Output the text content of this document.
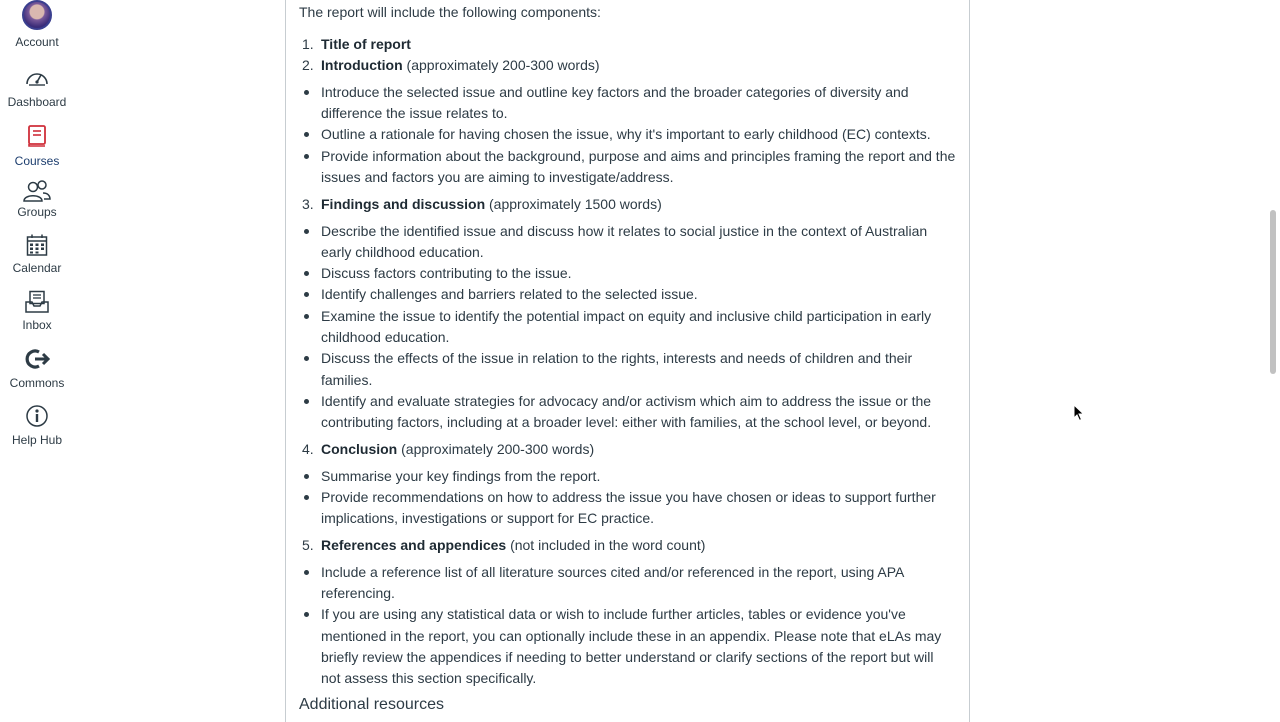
Account
Dashboard
Courses
Groups
Calendar
Inbox
Commons
Help Hub
The report will include the following components:
1. Title of report
2. Introduction (approximately 200-300 words)
Introduce the selected issue and outline key factors and the broader categories of diversity and
difference the issue relates to.
Outline a rationale for having chosen the issue, why it's important to early childhood (EC) contexts.
Provide information about the background, purpose and aims and principles framing the report and the
issues and factors you are aiming to investigate/address.
3. Findings and discussion (approximately 1500 words)
Describe the identified issue and discuss how it relates to social justice in the context of Australian
early childhood education.
Discuss factors contributing to the issue.
Identify challenges and barriers related to the selected issue.
Examine the issue to identify the potential impact on equity and inclusive child participation in early
childhood education.
Discuss the effects of the issue in relation to the rights, interests and needs of children and their
families.
Identify and evaluate strategies for advocacy and/or activism which aim to address the issue or the
contributing factors, including at a broader level: either with families, at the school level, or beyond.
4. Conclusion (approximately 200-300 words)
Summarise your key findings from the report.
Provide recommendations on how to address the issue you have chosen or ideas to support further
implications, investigations or support for EC practice.
5. References and appendices (not included in the word count)
Include a reference list of all literature sources cited and/or referenced in the report, using APA
referencing.
If you are using any statistical data or wish to include further articles, tables or evidence you've
mentioned in the report, you can optionally include these in an appendix. Please note that eLAs may
briefly review the appendices if needing to better understand or clarify sections of the report but will
not assess this section specifically.
Additional resources
